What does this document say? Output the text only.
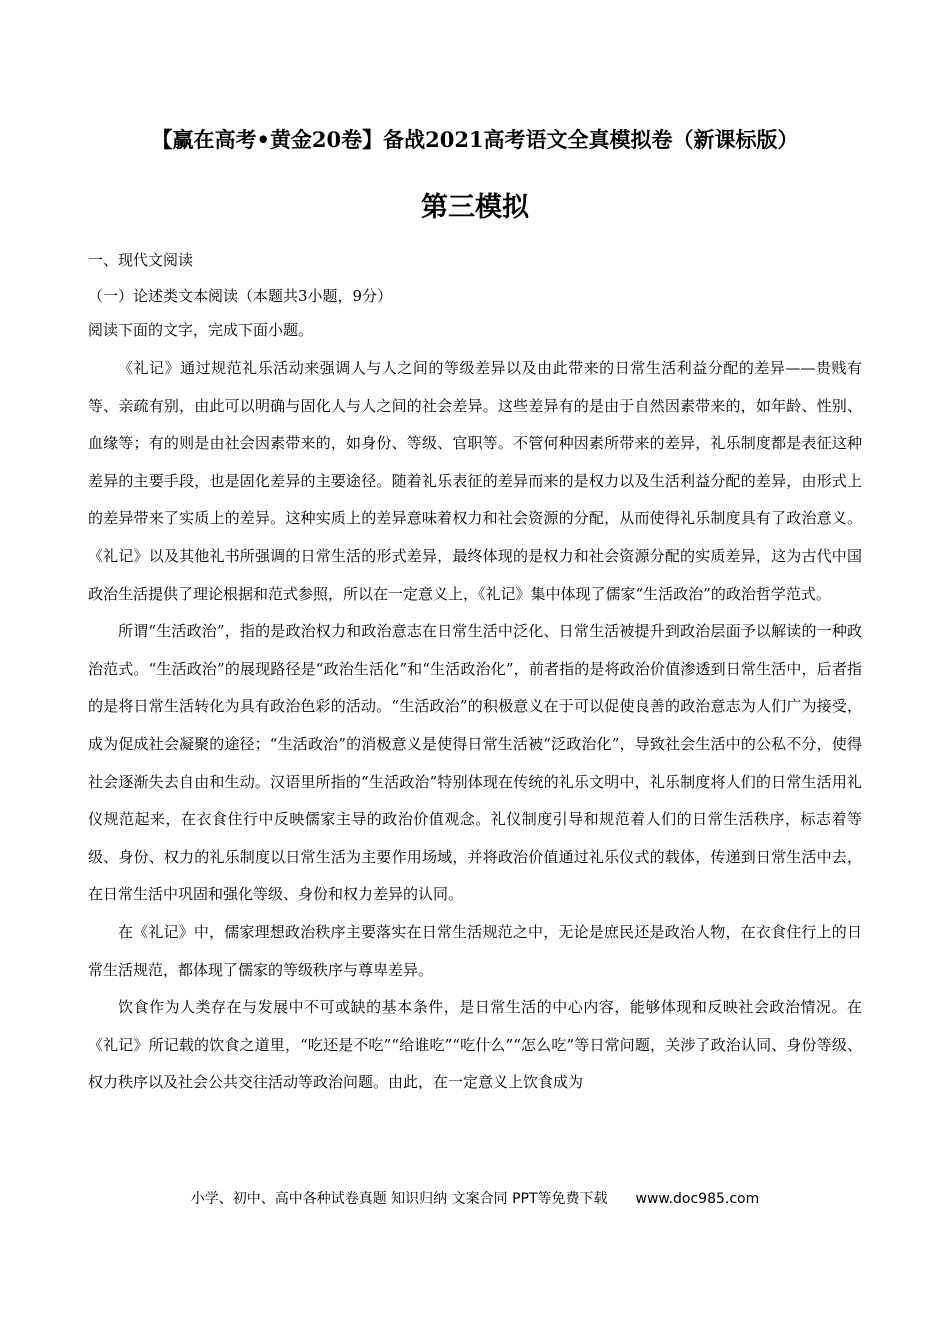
【赢在高考•黄金20卷】备战2021高考语文全真模拟卷（新课标版）
第三模拟
一、现代文阅读
（一）论述类文本阅读（本题共3小题，9分）
阅读下面的文字，完成下面小题。

《礼记》通过规范礼乐活动来强调人与人之间的等级差异以及由此带来的日常生活利益分配的差异——贵贱有等、亲疏有别，由此可以明确与固化人与人之间的社会差异。这些差异有的是由于自然因素带来的，如年龄、性别、血缘等；有的则是由社会因素带来的，如身份、等级、官职等。不管何种因素所带来的差异，礼乐制度都是表征这种差异的主要手段，也是固化差异的主要途径。随着礼乐表征的差异而来的是权力以及生活利益分配的差异，由形式上的差异带来了实质上的差异。这种实质上的差异意味着权力和社会资源的分配，从而使得礼乐制度具有了政治意义。《礼记》以及其他礼书所强调的日常生活的形式差异，最终体现的是权力和社会资源分配的实质差异，这为古代中国政治生活提供了理论根据和范式参照，所以在一定意义上，《礼记》集中体现了儒家“生活政治”的政治哲学范式。

所谓“生活政治”，指的是政治权力和政治意志在日常生活中泛化、日常生活被提升到政治层面予以解读的一种政治范式。“生活政治”的展现路径是“政治生活化”和“生活政治化”，前者指的是将政治价值渗透到日常生活中，后者指的是将日常生活转化为具有政治色彩的活动。“生活政治”的积极意义在于可以促使良善的政治意志为人们广为接受，成为促成社会凝聚的途径；“生活政治”的消极意义是使得日常生活被“泛政治化”，导致社会生活中的公私不分，使得社会逐渐失去自由和生动。汉语里所指的“生活政治”特别体现在传统的礼乐文明中，礼乐制度将人们的日常生活用礼仪规范起来，在衣食住行中反映儒家主导的政治价值观念。礼仪制度引导和规范着人们的日常生活秩序，标志着等级、身份、权力的礼乐制度以日常生活为主要作用场域，并将政治价值通过礼乐仪式的载体，传递到日常生活中去，在日常生活中巩固和强化等级、身份和权力差异的认同。

在《礼记》中，儒家理想政治秩序主要落实在日常生活规范之中，无论是庶民还是政治人物，在衣食住行上的日常生活规范，都体现了儒家的等级秩序与尊卑差异。

饮食作为人类存在与发展中不可或缺的基本条件，是日常生活的中心内容，能够体现和反映社会政治情况。在《礼记》所记载的饮食之道里，“吃还是不吃”“给谁吃”“吃什么”“怎么吃”等日常问题，关涉了政治认同、身份等级、权力秩序以及社会公共交往活动等政治问题。由此，在一定意义上饮食成为

小学、初中、高中各种试卷真题 知识归纳 文案合同 PPT等免费下载 www.doc985.com
